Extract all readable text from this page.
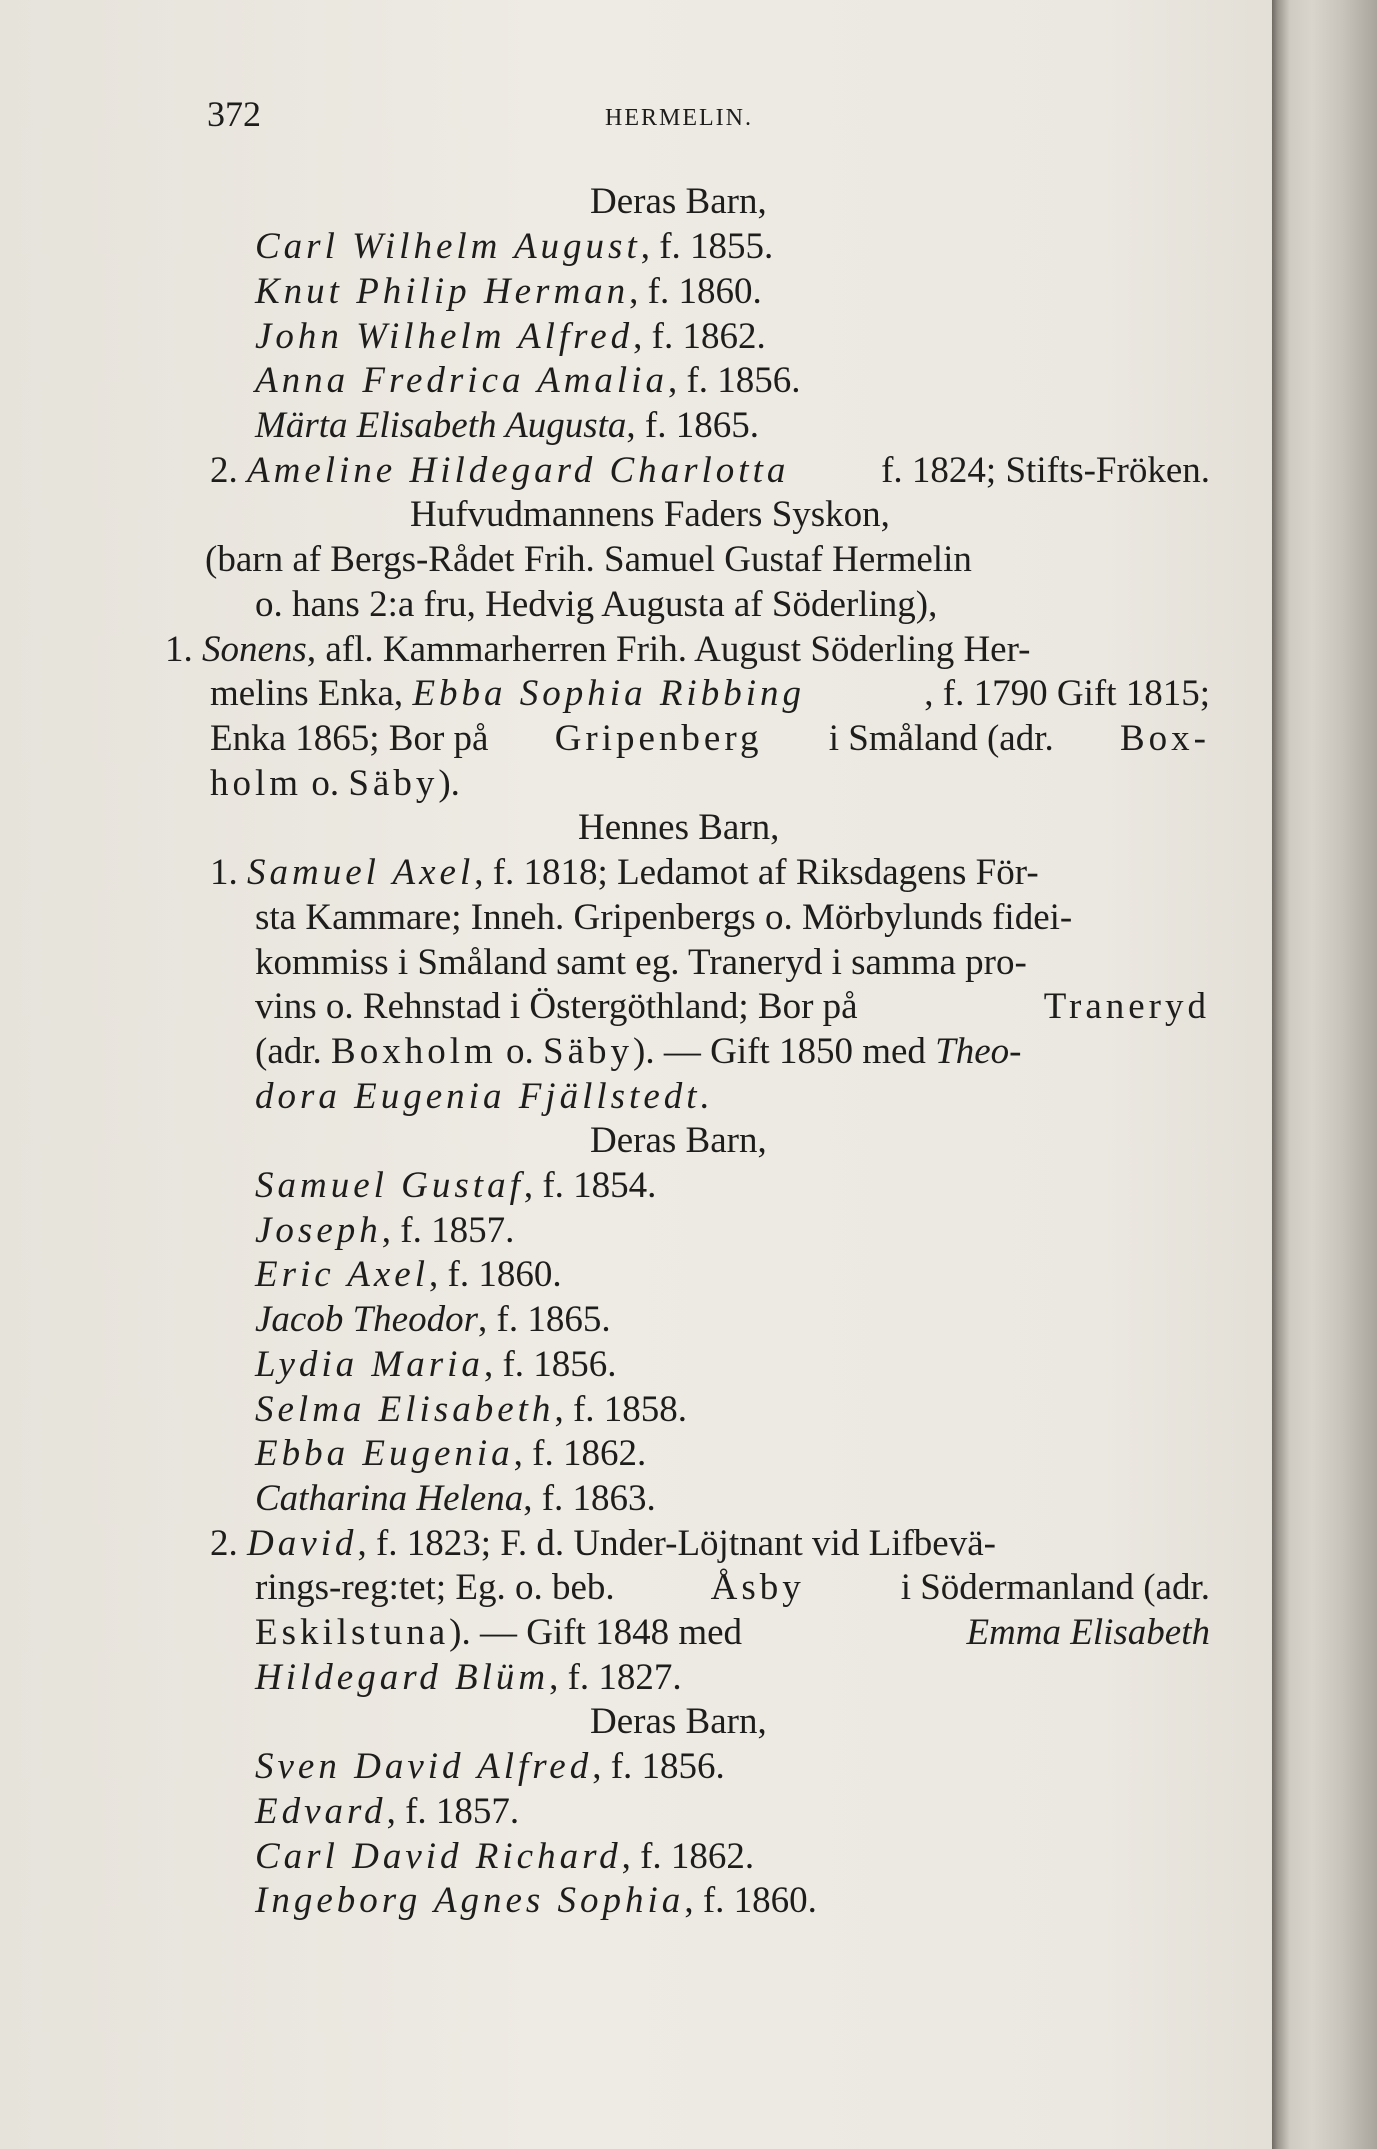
372	HERMELIN.
Deras Barn,
Carl Wilhelm August, f. 1855.
Knut Philip Herman, f. 1860.
John Wilhelm Alfred, f. 1862.
Anna Fredrica Amalia, f. 1856.
Märta Elisabeth Augusta, f. 1865.
2. Ameline Hildegard Charlotta f. 1824; Stifts-Fröken.
Hufvudmannens Faders Syskon,
(barn af Bergs-Rådet Frih. Samuel Gustaf Hermelin
o. hans 2:a fru, Hedvig Augusta af Söderling),
1. Sonens, afl. Kammarherren Frih. August Söderling Her-
melins Enka, Ebba Sophia Ribbing	, f. 1790 Gift 1815;
Enka 1865; Bor på Gripenberg i Småland (adr. Box-
holm o. Säby).
Hennes Barn,
1. Samuel Axel, f. 1818; Ledamot af Riksdagens För-
sta Kammare; Inneh. Gripenbergs o. Mörbylunds fidei-
kommiss i Småland samt eg. Traneryd i samma pro-
vins o. Rehnstad i Östergöthland; Bor på	Traneryd
(adr. Boxholm o. Säby). — Gift 1850 med Theo-
dora Eugenia Fjällstedt.
Deras Barn,
Samuel Gustaf, f. 1854.
Joseph, f. 1857.
Eric Axel, f. 1860.
Jacob Theodor, f. 1865.
Lydia Maria, f. 1856.
Selma Elisabeth, f. 1858.
Ebba Eugenia, f. 1862.
Catharina Helena, f. 1863.
2. David, f. 1823; F. d. Under-Löjtnant vid Lifbevä-
rings-reg:tet; Eg. o. beb.	Åsby	i Södermanland (adr.
Eskilstuna). — Gift 1848 med	Emma Elisabeth
Hildegard Blüm, f. 1827.
Deras Barn,
Sven David Alfred, f. 1856.
Edvard, f. 1857.
Carl David Richard, f. 1862.
Ingeborg Agnes Sophia, f. 1860.
